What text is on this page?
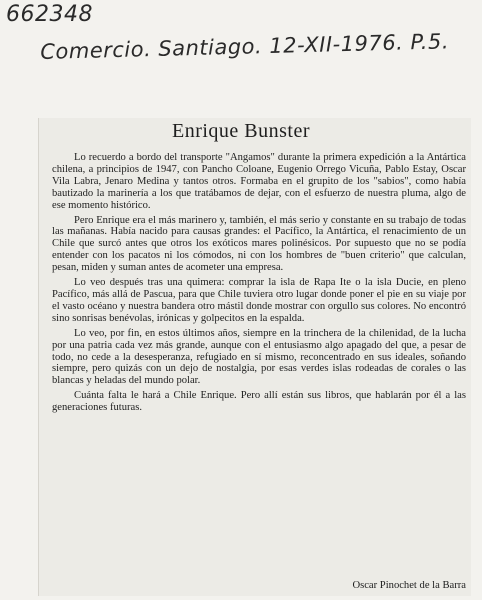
662348
Comercio. Santiago. 12-XII-1976. P.5.
Enrique Bunster

Lo recuerdo a bordo del transporte "Angamos" durante la primera expedición a la Antártica chilena, a principios de 1947, con Pancho Coloane, Eugenio Orrego Vicuña, Pablo Estay, Oscar Vila Labra, Jenaro Medina y tantos otros. Formaba en el grupito de los "sabios", como había bautizado la marinería a los que tratábamos de dejar, con el esfuerzo de nuestra pluma, algo de ese momento histórico.

Pero Enrique era el más marinero y, también, el más serio y constante en su trabajo de todas las mañanas. Había nacido para causas grandes: el Pacífico, la Antártica, el renacimiento de un Chile que surcó antes que otros los exóticos mares polinésicos. Por supuesto que no se podía entender con los pacatos ni los cómodos, ni con los hombres de "buen criterio" que calculan, pesan, miden y suman antes de acometer una empresa.

Lo veo después tras una quimera: comprar la isla de Rapa Ite o la isla Ducie, en pleno Pacífico, más allá de Pascua, para que Chile tuviera otro lugar donde poner el pie en su viaje por el vasto océano y nuestra bandera otro mástil donde mostrar con orgullo sus colores. No encontró sino sonrisas benévolas, irónicas y golpecitos en la espalda.

Lo veo, por fin, en estos últimos años, siempre en la trinchera de la chilenidad, de la lucha por una patria cada vez más grande, aunque con el entusiasmo algo apagado del que, a pesar de todo, no cede a la desesperanza, refugiado en sí mismo, reconcentrado en sus ideales, soñando siempre, pero quizás con un dejo de nostalgia, por esas verdes islas rodeadas de corales o las blancas y heladas del mundo polar.

Cuánta falta le hará a Chile Enrique. Pero allí están sus libros, que hablarán por él a las generaciones futuras.

Oscar Pinochet de la Barra
